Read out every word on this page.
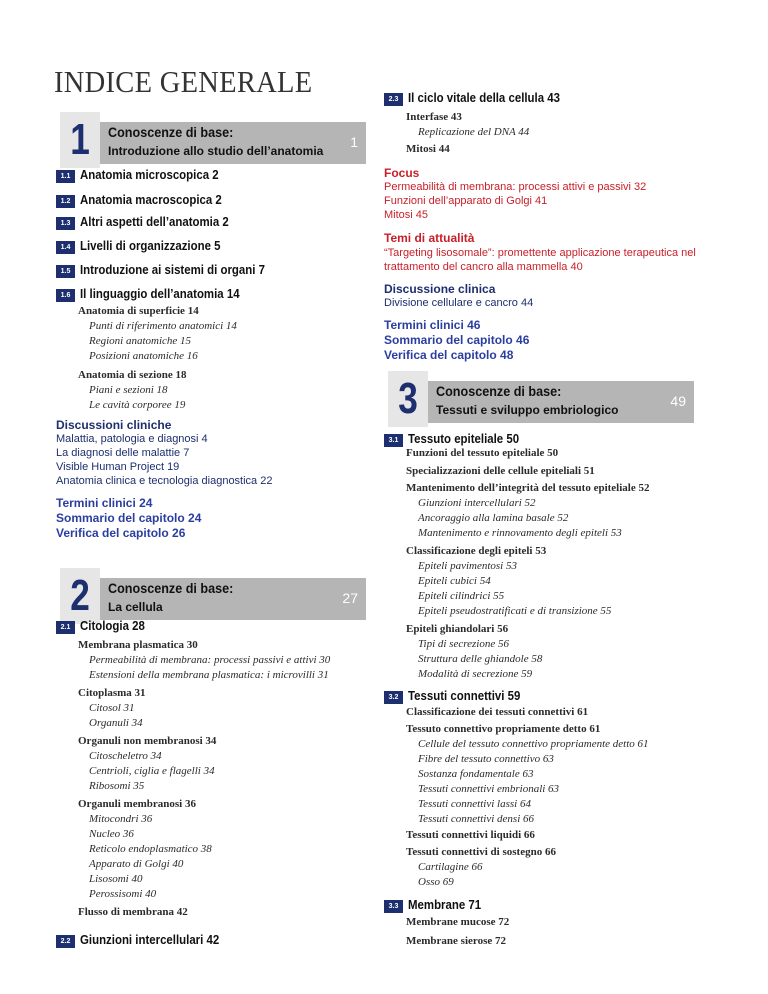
INDICE GENERALE
1	Conoscenze di base:
Introduzione allo studio dell’anatomia
1
1.1 Anatomia microscopica 2
1.2 Anatomia macroscopica 2
1.3 Altri aspetti dell’anatomia 2
1.4 Livelli di organizzazione 5
1.5 Introduzione ai sistemi di organi 7
1.6 Il linguaggio dell’anatomia 14
Anatomia di superficie 14
Punti di riferimento anatomici 14
Regioni anatomiche 15
Posizioni anatomiche 16
Anatomia di sezione 18
Piani e sezioni 18
Le cavità corporee 19
Discussioni cliniche
Malattia, patologia e diagnosi 4
La diagnosi delle malattie 7
Visible Human Project 19
Anatomia clinica e tecnologia diagnostica 22
Termini clinici 24
Sommario del capitolo 24
Verifica del capitolo 26
2	Conoscenze di base:
La cellula
27
2.1 Citologia 28
Membrana plasmatica 30
Permeabilità di membrana: processi passivi e attivi 30
Estensioni della membrana plasmatica: i microvilli 31
Citoplasma 31
Citosol 31
Organuli 34
Organuli non membranosi 34
Citoscheletro 34
Centrioli, ciglia e flagelli 34
Ribosomi 35
Organuli membranosi 36
Mitocondri 36
Nucleo 36
Reticolo endoplasmatico 38
Apparato di Golgi 40
Lisosomi 40
Perossisomi 40
Flusso di membrana 42
2.2 Giunzioni intercellulari 42
2.3 Il ciclo vitale della cellula 43
Interfase 43
Replicazione del DNA 44
Mitosi 44
Focus
Permeabilità di membrana: processi attivi e passivi 32
Funzioni dell’apparato di Golgi 41
Mitosi 45
Temi di attualità
“Targeting lisosomale”: promettente applicazione terapeutica nel
trattamento del cancro alla mammella 40
Discussione clinica
Divisione cellulare e cancro 44
Termini clinici 46
Sommario del capitolo 46
Verifica del capitolo 48
3	Conoscenze di base:
Tessuti e sviluppo embriologico
49
3.1 Tessuto epiteliale 50
Funzioni del tessuto epiteliale 50
Specializzazioni delle cellule epiteliali 51
Mantenimento dell’integrità del tessuto epiteliale 52
Giunzioni intercellulari 52
Ancoraggio alla lamina basale 52
Mantenimento e rinnovamento degli epiteli 53
Classificazione degli epiteli 53
Epiteli pavimentosi 53
Epiteli cubici 54
Epiteli cilindrici 55
Epiteli pseudostratificati e di transizione 55
Epiteli ghiandolari 56
Tipi di secrezione 56
Struttura delle ghiandole 58
Modalità di secrezione 59
3.2 Tessuti connettivi 59
Classificazione dei tessuti connettivi 61
Tessuto connettivo propriamente detto 61
Cellule del tessuto connettivo propriamente detto 61
Fibre del tessuto connettivo 63
Sostanza fondamentale 63
Tessuti connettivi embrionali 63
Tessuti connettivi lassi 64
Tessuti connettivi densi 66
Tessuti connettivi liquidi 66
Tessuti connettivi di sostegno 66
Cartilagine 66
Osso 69
3.3 Membrane 71
Membrane mucose 72
Membrane sierose 72
